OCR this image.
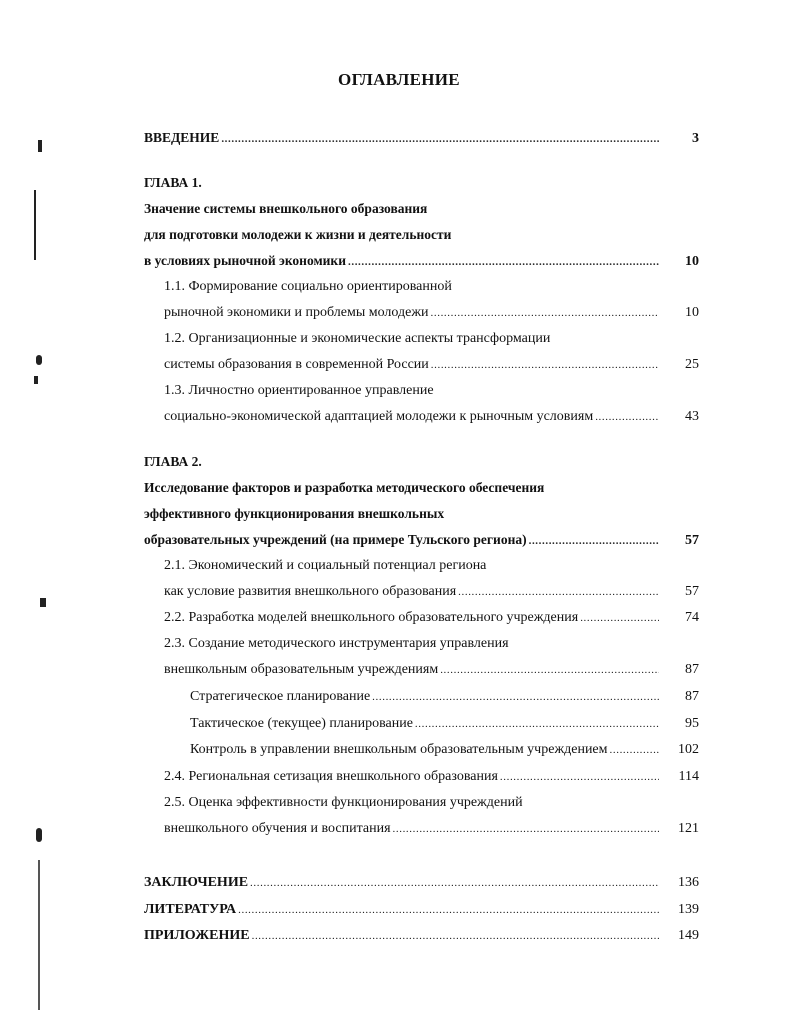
ОГЛАВЛЕНИЕ
ВВЕДЕНИЕ .....	3
ГЛАВА 1.
Значение системы внешкольного образования
для подготовки молодежи к жизни и деятельности
в условиях рыночной экономики .....	10
1.1. Формирование социально ориентированной
рыночной экономики и проблемы молодежи .....	10
1.2. Организационные и экономические аспекты трансформации
системы образования в современной России .....	25
1.3. Личностно ориентированное управление
социально-экономической адаптацией молодежи к рыночным условиям .....	43
ГЛАВА 2.
Исследование факторов и разработка методического обеспечения
эффективного функционирования внешкольных
образовательных учреждений (на примере Тульского региона) .....	57
2.1. Экономический и социальный потенциал региона
как условие развития внешкольного образования .....	57
2.2. Разработка моделей внешкольного образовательного учреждения .....	74
2.3. Создание методического инструментария управления
внешкольным образовательным учреждениям .....	87
Стратегическое планирование .....	87
Тактическое (текущее) планирование .....	95
Контроль в управлении внешкольным образовательным учреждением .....	102
2.4. Региональная сетизация внешкольного образования .....	114
2.5. Оценка эффективности функционирования учреждений
внешкольного обучения и воспитания .....	121
ЗАКЛЮЧЕНИЕ .....	136
ЛИТЕРАТУРА .....	139
ПРИЛОЖЕНИЕ .....	149
